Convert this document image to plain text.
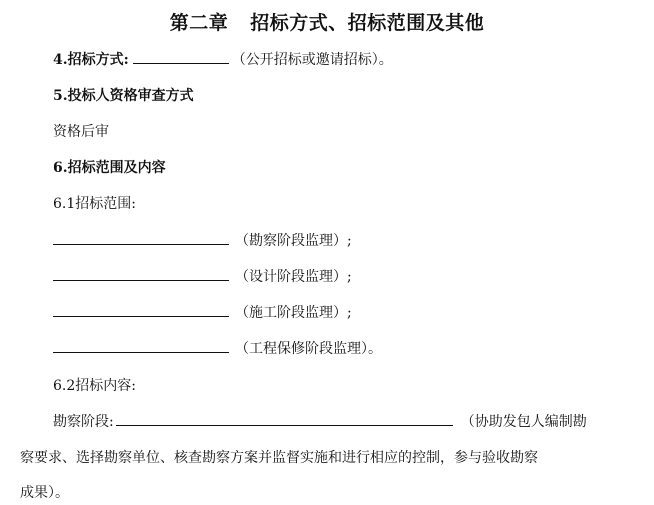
第二章 招标方式、招标范围及其他
4.招标方式:	（公开招标或邀请招标）。
5.投标人资格审查方式
资格后审
6.招标范围及内容
6.1招标范围:
（勘察阶段监理）;
（设计阶段监理）;
（施工阶段监理）;
（工程保修阶段监理）。
6.2招标内容:
勘察阶段:	（协助发包人编制勘
察要求、选择勘察单位、核查勘察方案并监督实施和进行相应的控制，参与验收勘察
成果）。
